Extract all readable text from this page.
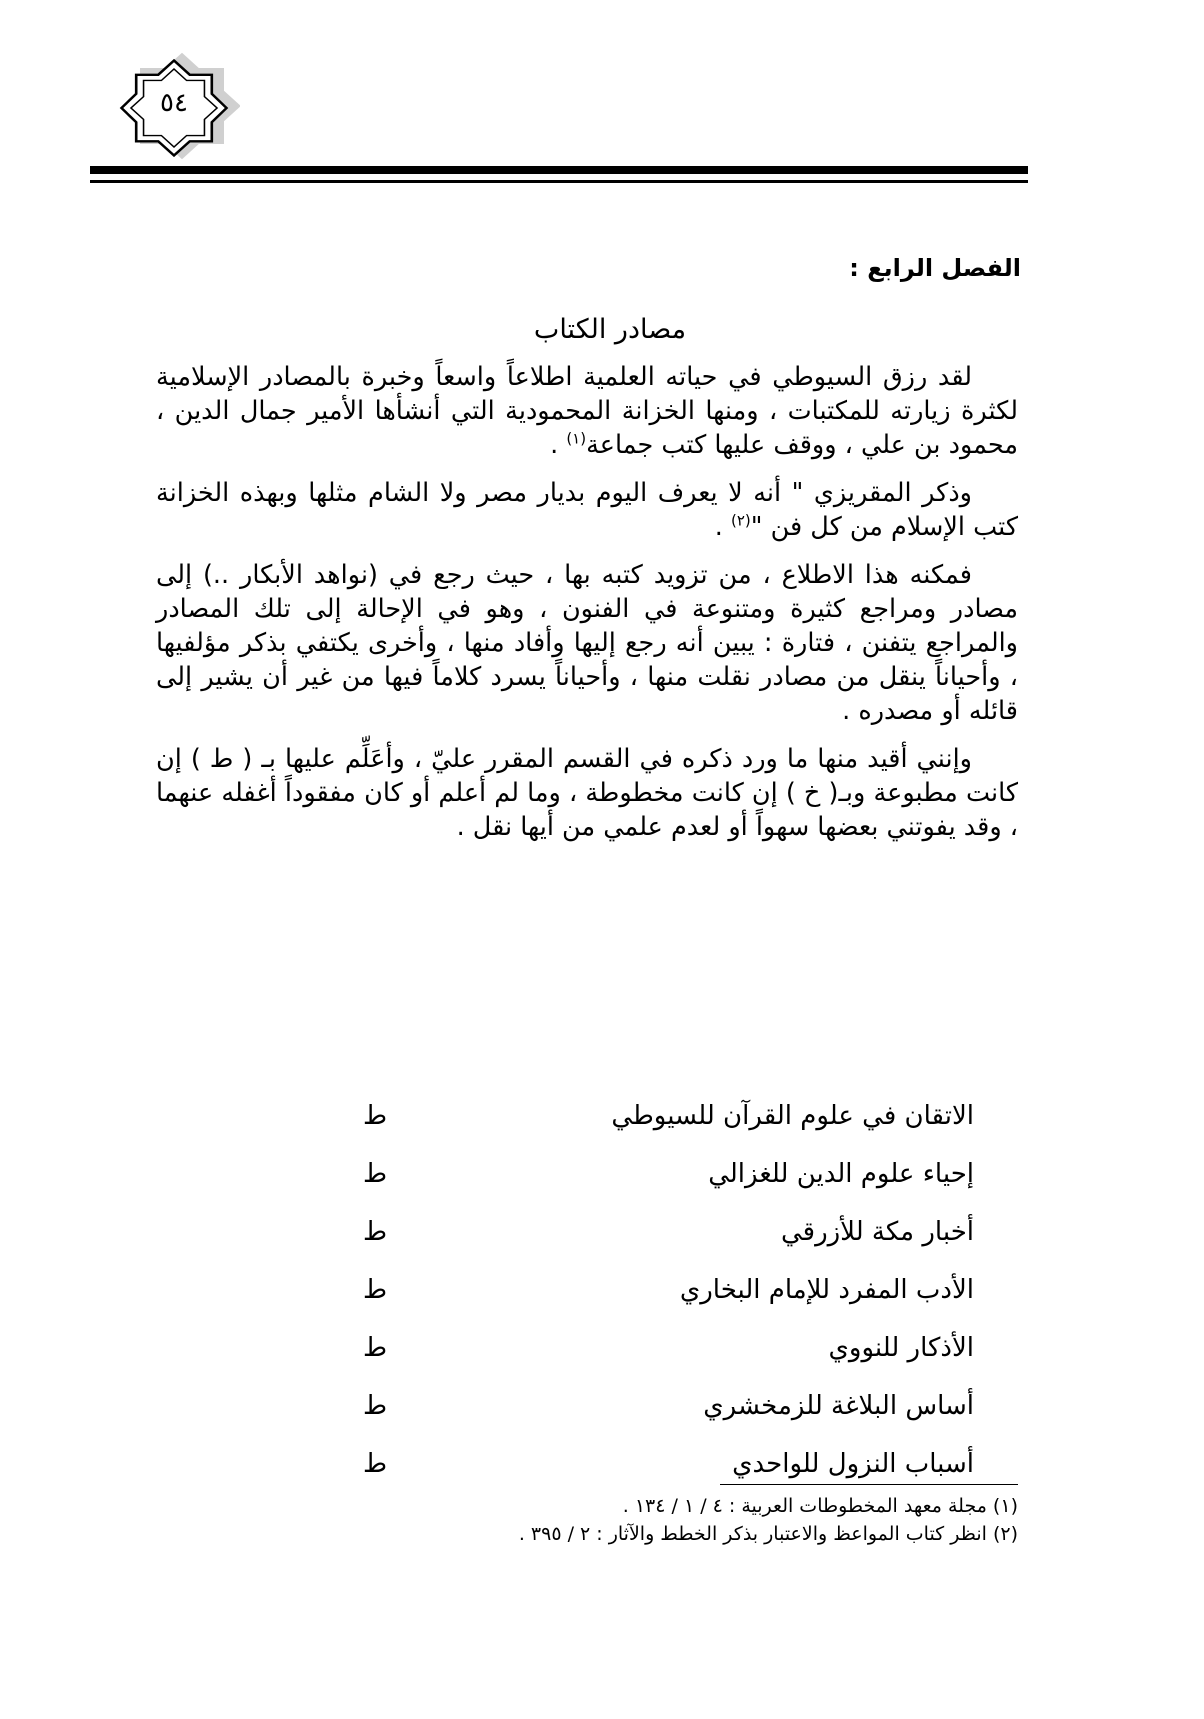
٥٤
الفصل الرابع :
مصادر الكتاب

لقد رزق السيوطي في حياته العلمية اطلاعاً واسعاً وخبرة بالمصادر الإسلامية لكثرة زيارته للمكتبات ، ومنها الخزانة المحمودية التي أنشأها الأمير جمال الدين ، محمود بن علي ، ووقف عليها كتب جماعة$^{(١)}$ .

وذكر المقريزي " أنه لا يعرف اليوم بديار مصر ولا الشام مثلها وبهذه الخزانة كتب الإسلام من كل فن "$^{(٢)}$ .

فمكنه هذا الاطلاع ، من تزويد كتبه بها ، حيث رجع في (نواهد الأبكار ..) إلى مصادر ومراجع كثيرة ومتنوعة في الفنون ، وهو في الإحالة إلى تلك المصادر والمراجع يتفنن ، فتارة : يبين أنه رجع إليها وأفاد منها ، وأخرى يكتفي بذكر مؤلفيها ، وأحياناً ينقل من مصادر نقلت منها ، وأحياناً يسرد كلاماً فيها من غير أن يشير إلى قائله أو مصدره .

وإنني أقيد منها ما ورد ذكره في القسم المقرر عليّ ، وأعَلِّم عليها بـ ( ط ) إن كانت مطبوعة وبـ( خ ) إن كانت مخطوطة ، وما لم أعلم أو كان مفقوداً أغفله عنهما ، وقد يفوتني بعضها سهواً أو لعدم علمي من أيها نقل .

الاتقان في علوم القرآن للسيوطي
ط
إحياء علوم الدين للغزالي
ط
أخبار مكة للأزرقي
ط
الأدب المفرد للإمام البخاري
ط
الأذكار للنووي
ط
أساس البلاغة للزمخشري
ط
أسباب النزول للواحدي
ط
(١) مجلة معهد المخطوطات العربية : ٤ / ١ / ١٣٤ .
(٢) انظر كتاب المواعظ والاعتبار بذكر الخطط والآثار : ٢ / ٣٩٥ .
